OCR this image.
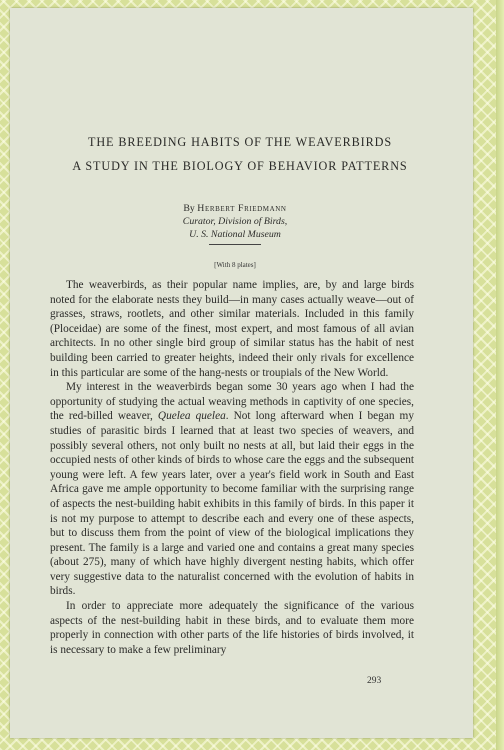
THE BREEDING HABITS OF THE WEAVERBIRDS
A STUDY IN THE BIOLOGY OF BEHAVIOR PATTERNS
By Herbert Friedmann
Curator, Division of Birds,
U. S. National Museum
[With 8 plates]

The weaverbirds, as their popular name implies, are, by and large birds noted for the elaborate nests they build—in many cases actually weave—out of grasses, straws, rootlets, and other similar materials. Included in this family (Ploceidae) are some of the finest, most expert, and most famous of all avian architects. In no other single bird group of similar status has the habit of nest building been carried to greater heights, indeed their only rivals for excellence in this particular are some of the hang-nests or troupials of the New World.

My interest in the weaverbirds began some 30 years ago when I had the opportunity of studying the actual weaving methods in captivity of one species, the red-billed weaver, Quelea quelea. Not long afterward when I began my studies of parasitic birds I learned that at least two species of weavers, and possibly several others, not only built no nests at all, but laid their eggs in the occupied nests of other kinds of birds to whose care the eggs and the subsequent young were left. A few years later, over a year's field work in South and East Africa gave me ample opportunity to become familiar with the surprising range of aspects the nest-building habit exhibits in this family of birds. In this paper it is not my purpose to attempt to describe each and every one of these aspects, but to discuss them from the point of view of the biological implications they present. The family is a large and varied one and contains a great many species (about 275), many of which have highly divergent nesting habits, which offer very suggestive data to the naturalist concerned with the evolution of habits in birds.

In order to appreciate more adequately the significance of the various aspects of the nest-building habit in these birds, and to evaluate them more properly in connection with other parts of the life histories of birds involved, it is necessary to make a few preliminary

293
